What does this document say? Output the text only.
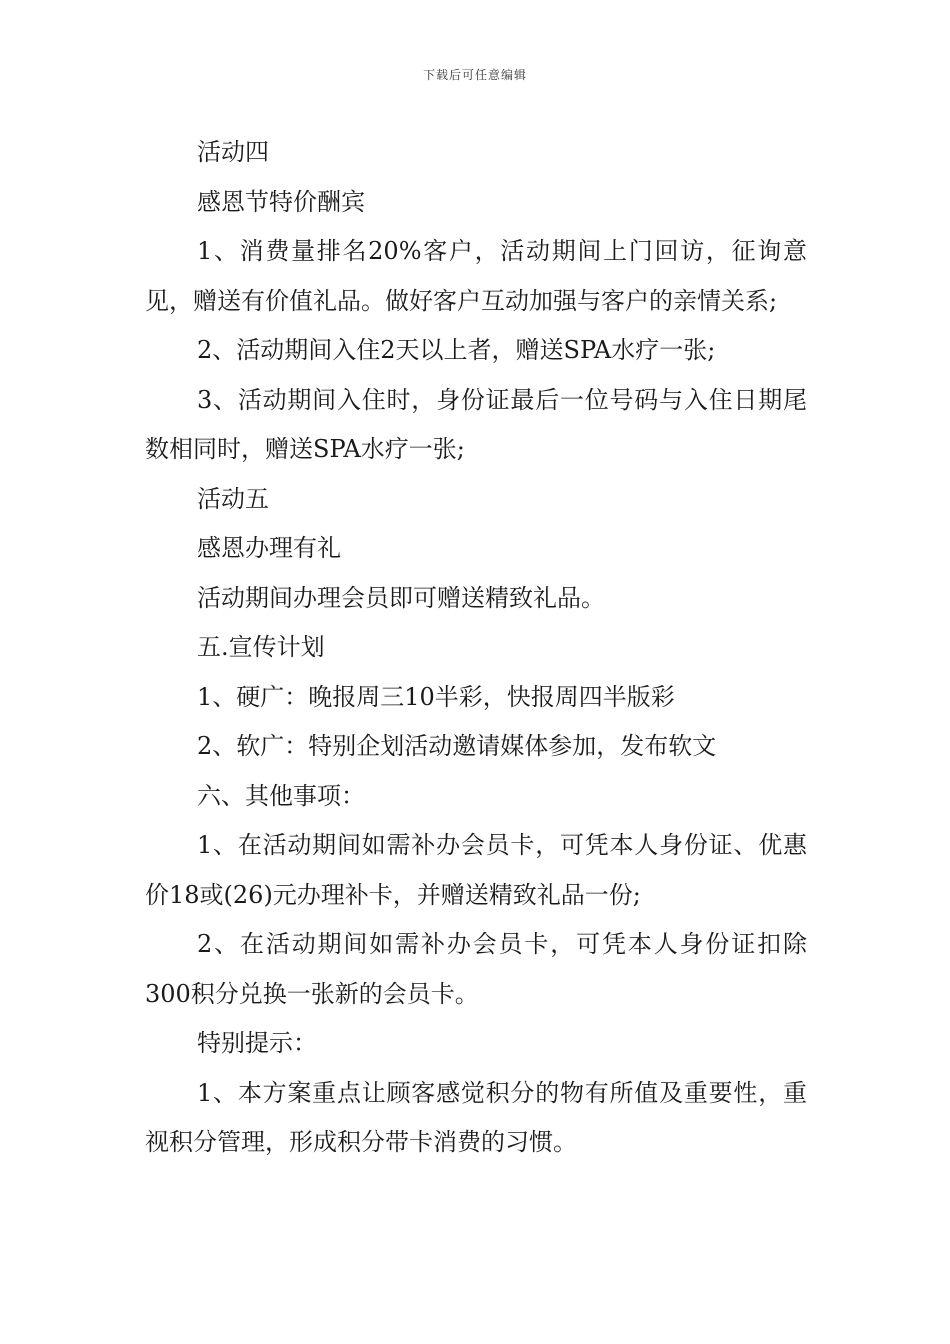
下载后可任意编辑

活动四

感恩节特价酬宾

1、消费量排名20%客户，活动期间上门回访，征询意见，赠送有价值礼品。做好客户互动加强与客户的亲情关系;

2、活动期间入住2天以上者，赠送SPA水疗一张;

3、活动期间入住时，身份证最后一位号码与入住日期尾数相同时，赠送SPA水疗一张;

活动五

感恩办理有礼

活动期间办理会员即可赠送精致礼品。

五.宣传计划

1、硬广：晚报周三10半彩，快报周四半版彩

2、软广：特别企划活动邀请媒体参加，发布软文

六、其他事项：

1、在活动期间如需补办会员卡，可凭本人身份证、优惠价18或(26)元办理补卡，并赠送精致礼品一份;

2、在活动期间如需补办会员卡，可凭本人身份证扣除300积分兑换一张新的会员卡。

特别提示：

1、本方案重点让顾客感觉积分的物有所值及重要性，重视积分管理，形成积分带卡消费的习惯。
